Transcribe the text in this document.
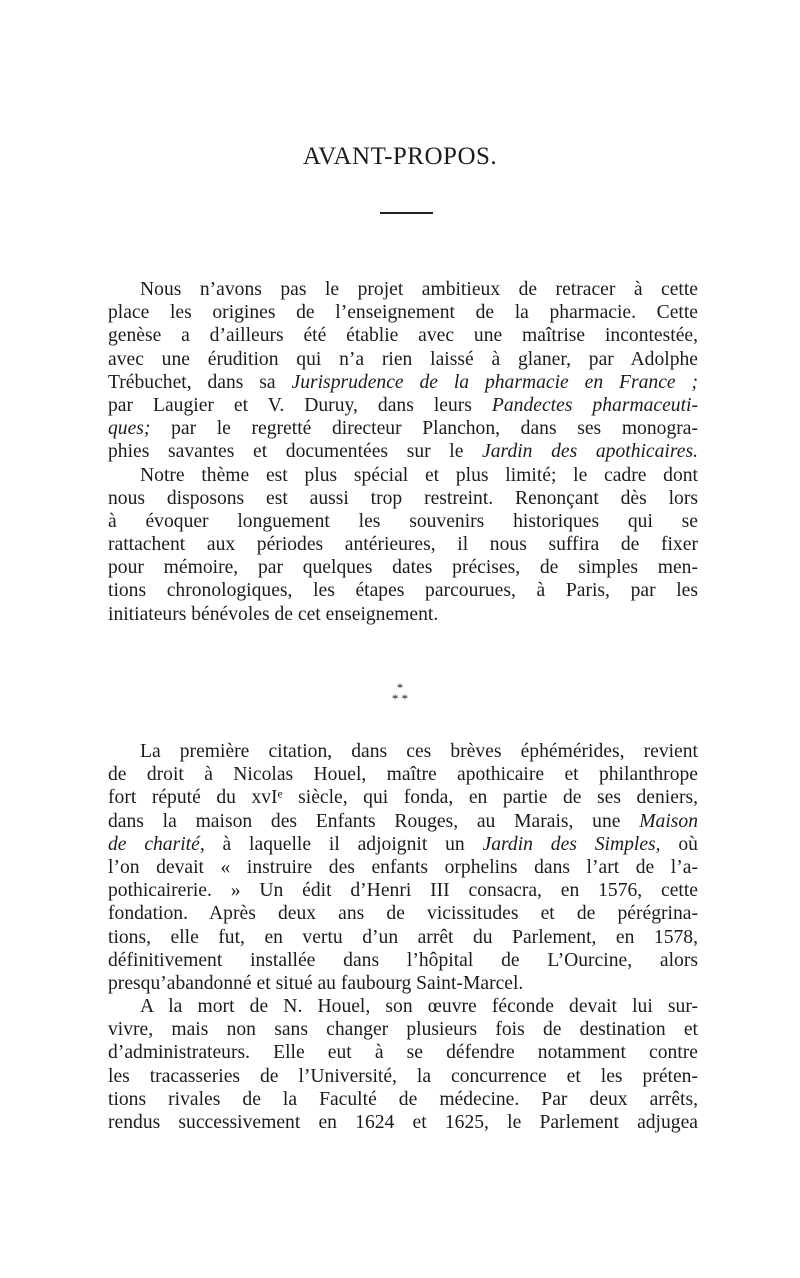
AVANT-PROPOS.
Nous n’avons pas le projet ambitieux de retracer à cette
place les origines de l’enseignement de la pharmacie. Cette
genèse a d’ailleurs été établie avec une maîtrise incontestée,
avec une érudition qui n’a rien laissé à glaner, par Adolphe
Trébuchet, dans sa Jurisprudence de la pharmacie en France ;
par Laugier et V. Duruy, dans leurs Pandectes pharmaceuti-
ques; par le regretté directeur Planchon, dans ses monogra-
phies savantes et documentées sur le Jardin des apothicaires.
Notre thème est plus spécial et plus limité; le cadre dont
nous disposons est aussi trop restreint. Renonçant dès lors
à évoquer longuement les souvenirs historiques qui se
rattachent aux périodes antérieures, il nous suffira de fixer
pour mémoire, par quelques dates précises, de simples men-
tions chronologiques, les étapes parcourues, à Paris, par les
initiateurs bénévoles de cet enseignement.
*
* *
La première citation, dans ces brèves éphémérides, revient
de droit à Nicolas Houel, maître apothicaire et philanthrope
fort réputé du xvIᵉ siècle, qui fonda, en partie de ses deniers,
dans la maison des Enfants Rouges, au Marais, une Maison
de charité, à laquelle il adjoignit un Jardin des Simples, où
l’on devait « instruire des enfants orphelins dans l’art de l’a-
pothicairerie. » Un édit d’Henri III consacra, en 1576, cette
fondation. Après deux ans de vicissitudes et de pérégrina-
tions, elle fut, en vertu d’un arrêt du Parlement, en 1578,
définitivement installée dans l’hôpital de L’Ourcine, alors
presqu’abandonné et situé au faubourg Saint-Marcel.
A la mort de N. Houel, son œuvre féconde devait lui sur-
vivre, mais non sans changer plusieurs fois de destination et
d’administrateurs. Elle eut à se défendre notamment contre
les tracasseries de l’Université, la concurrence et les préten-
tions rivales de la Faculté de médecine. Par deux arrêts,
rendus successivement en 1624 et 1625, le Parlement adjugea
